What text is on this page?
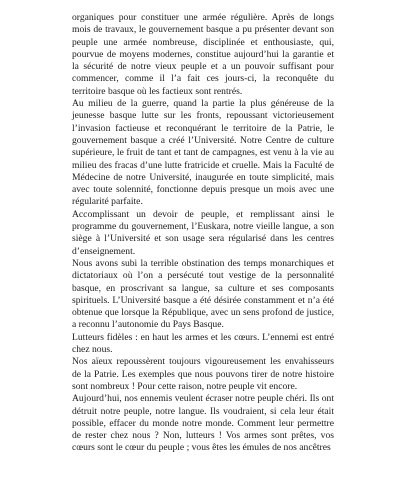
organiques pour constituer une armée régulière. Après de longs mois de travaux, le gouvernement basque a pu présenter devant son peuple une armée nombreuse, disciplinée et enthousiaste, qui, pourvue de moyens modernes, constitue aujourd’hui la garantie et la sécurité de notre vieux peuple et a un pouvoir suffisant pour commencer, comme il l’a fait ces jours-ci, la reconquête du territoire basque où les factieux sont rentrés.

Au milieu de la guerre, quand la partie la plus généreuse de la jeunesse basque lutte sur les fronts, repoussant victorieusement l’invasion factieuse et reconquérant le territoire de la Patrie, le gouvernement basque a créé l’Université. Notre Centre de culture supérieure, le fruit de tant et tant de campagnes, est venu à la vie au milieu des fracas d’une lutte fratricide et cruelle. Mais la Faculté de Médecine de notre Université, inaugurée en toute simplicité, mais avec toute solennité, fonctionne depuis presque un mois avec une régularité parfaite.

Accomplissant un devoir de peuple, et remplissant ainsi le programme du gouvernement, l’Euskara, notre vieille langue, a son siège à l’Université et son usage sera régularisé dans les centres d’enseignement.

Nous avons subi la terrible obstination des temps monarchiques et dictatoriaux où l’on a persécuté tout vestige de la personnalité basque, en proscrivant sa langue, sa culture et ses composants spirituels. L’Université basque a été désirée constamment et n’a été obtenue que lorsque la République, avec un sens profond de justice, a reconnu l’autonomie du Pays Basque.

Lutteurs fidèles : en haut les armes et les cœurs. L’ennemi est entré chez nous.

Nos aïeux repoussèrent toujours vigoureusement les envahisseurs de la Patrie. Les exemples que nous pouvons tirer de notre histoire sont nombreux ! Pour cette raison, notre peuple vit encore.

Aujourd’hui, nos ennemis veulent écraser notre peuple chéri. Ils ont détruit notre peuple, notre langue. Ils voudraient, si cela leur était possible, effacer du monde notre monde. Comment leur permettre de rester chez nous ? Non, lutteurs ! Vos armes sont prêtes, vos cœurs sont le cœur du peuple ; vous êtes les émules de nos ancêtres
